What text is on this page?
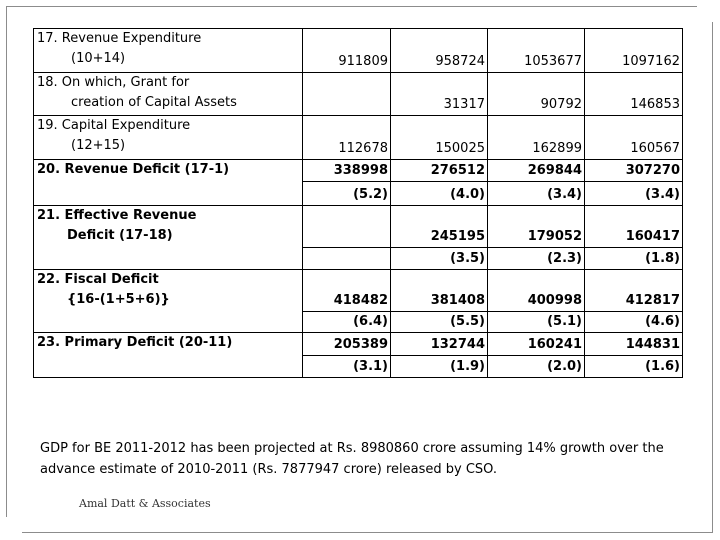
17. Revenue Expenditure
(10+14)	911809	958724	1053677	1097162
18. On which, Grant for
creation of Capital Assets		31317	90792	146853
19. Capital Expenditure
(12+15)	112678	150025	162899	160567
20. Revenue Deficit (17-1)	338998	276512	269844	307270
	(5.2)	(4.0)	(3.4)	(3.4)
21. Effective Revenue
Deficit (17-18)		245195	179052	160417
		(3.5)	(2.3)	(1.8)
22. Fiscal Deficit
{16-(1+5+6)}	418482	381408	400998	412817
	(6.4)	(5.5)	(5.1)	(4.6)
23. Primary Deficit (20-11)	205389	132744	160241	144831
	(3.1)	(1.9)	(2.0)	(1.6)
GDP for BE 2011-2012 has been projected at Rs. 8980860 crore assuming 14% growth over the advance estimate of 2010-2011 (Rs. 7877947 crore) released by CSO.
Amal Datt & Associates
